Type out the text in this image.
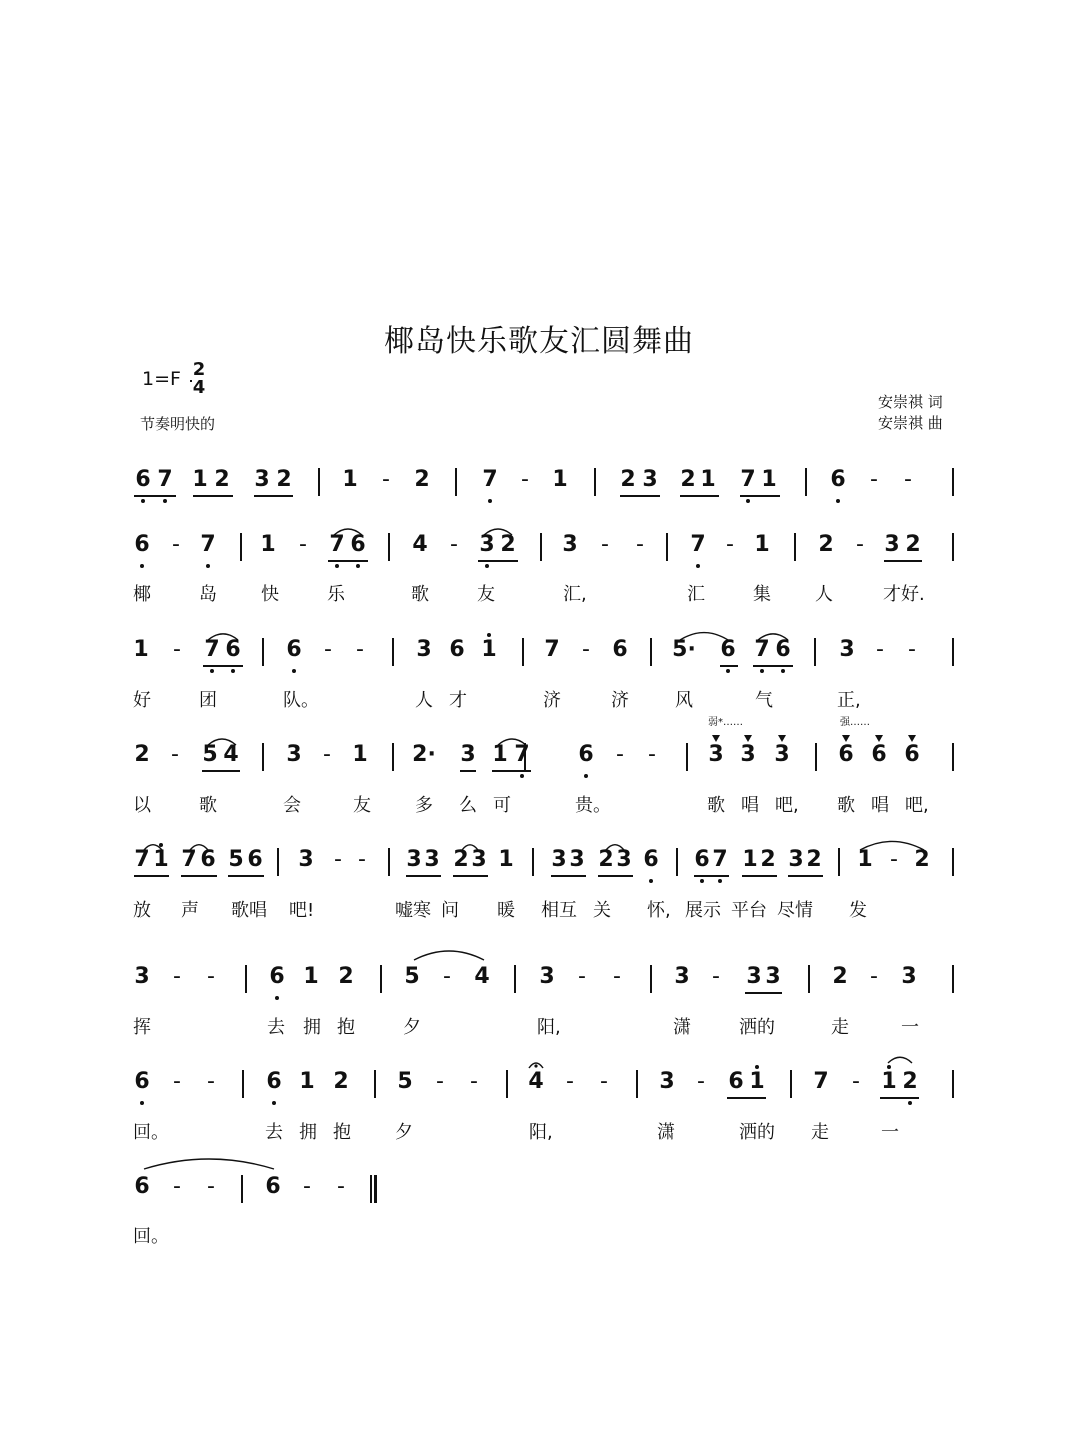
椰岛快乐歌友汇圆舞曲
1=F 2
4
节奏明快的
安崇祺 词
安崇祺 曲
弱*……	强……
6 7 1 2 3 2 1 - 2 7 - 1 2 3 2 1 7 1 6 - -
6 - 7 1 - 7 6 4 - 3 2 3 - - 7 - 1 2 - 3 2
椰	岛 快	乐	歌	友	汇,	汇	集 人	才好.
1 - 7 6 6 - - 3 6 1 7 - 6 5· 6 7 6 3 - -
好	团	队。	人 才	济	济	风	气	正,
2 - 5 4 3 - 1 2· 3 1 7 6 - - 3 3 3 6 6 6
以	歌	会	友 多 么 可	贵。	歌 唱 吧, 歌 唱 吧,
7 1 7 6 5 6 3 - - 3 3 2 3 1 3 3 2 3 6 6 7 1 2 3 2 1 - 2
放 声 歌唱 吧!	嘘寒 问 暖 相互 关 怀, 展示 平台 尽情 发
3 - - 6 1 2 5 - 4 3 - - 3 - 3 3 2 - 3
挥	去 拥 抱	夕	阳,	潇	洒的	走	一
6 - - 6 1 2 5 - - 4 - - 3 - 6 1 7 - 1 2
回。	去 拥 抱 夕	阳,	潇	洒的 走	一
6 - - 6 - -
回。
